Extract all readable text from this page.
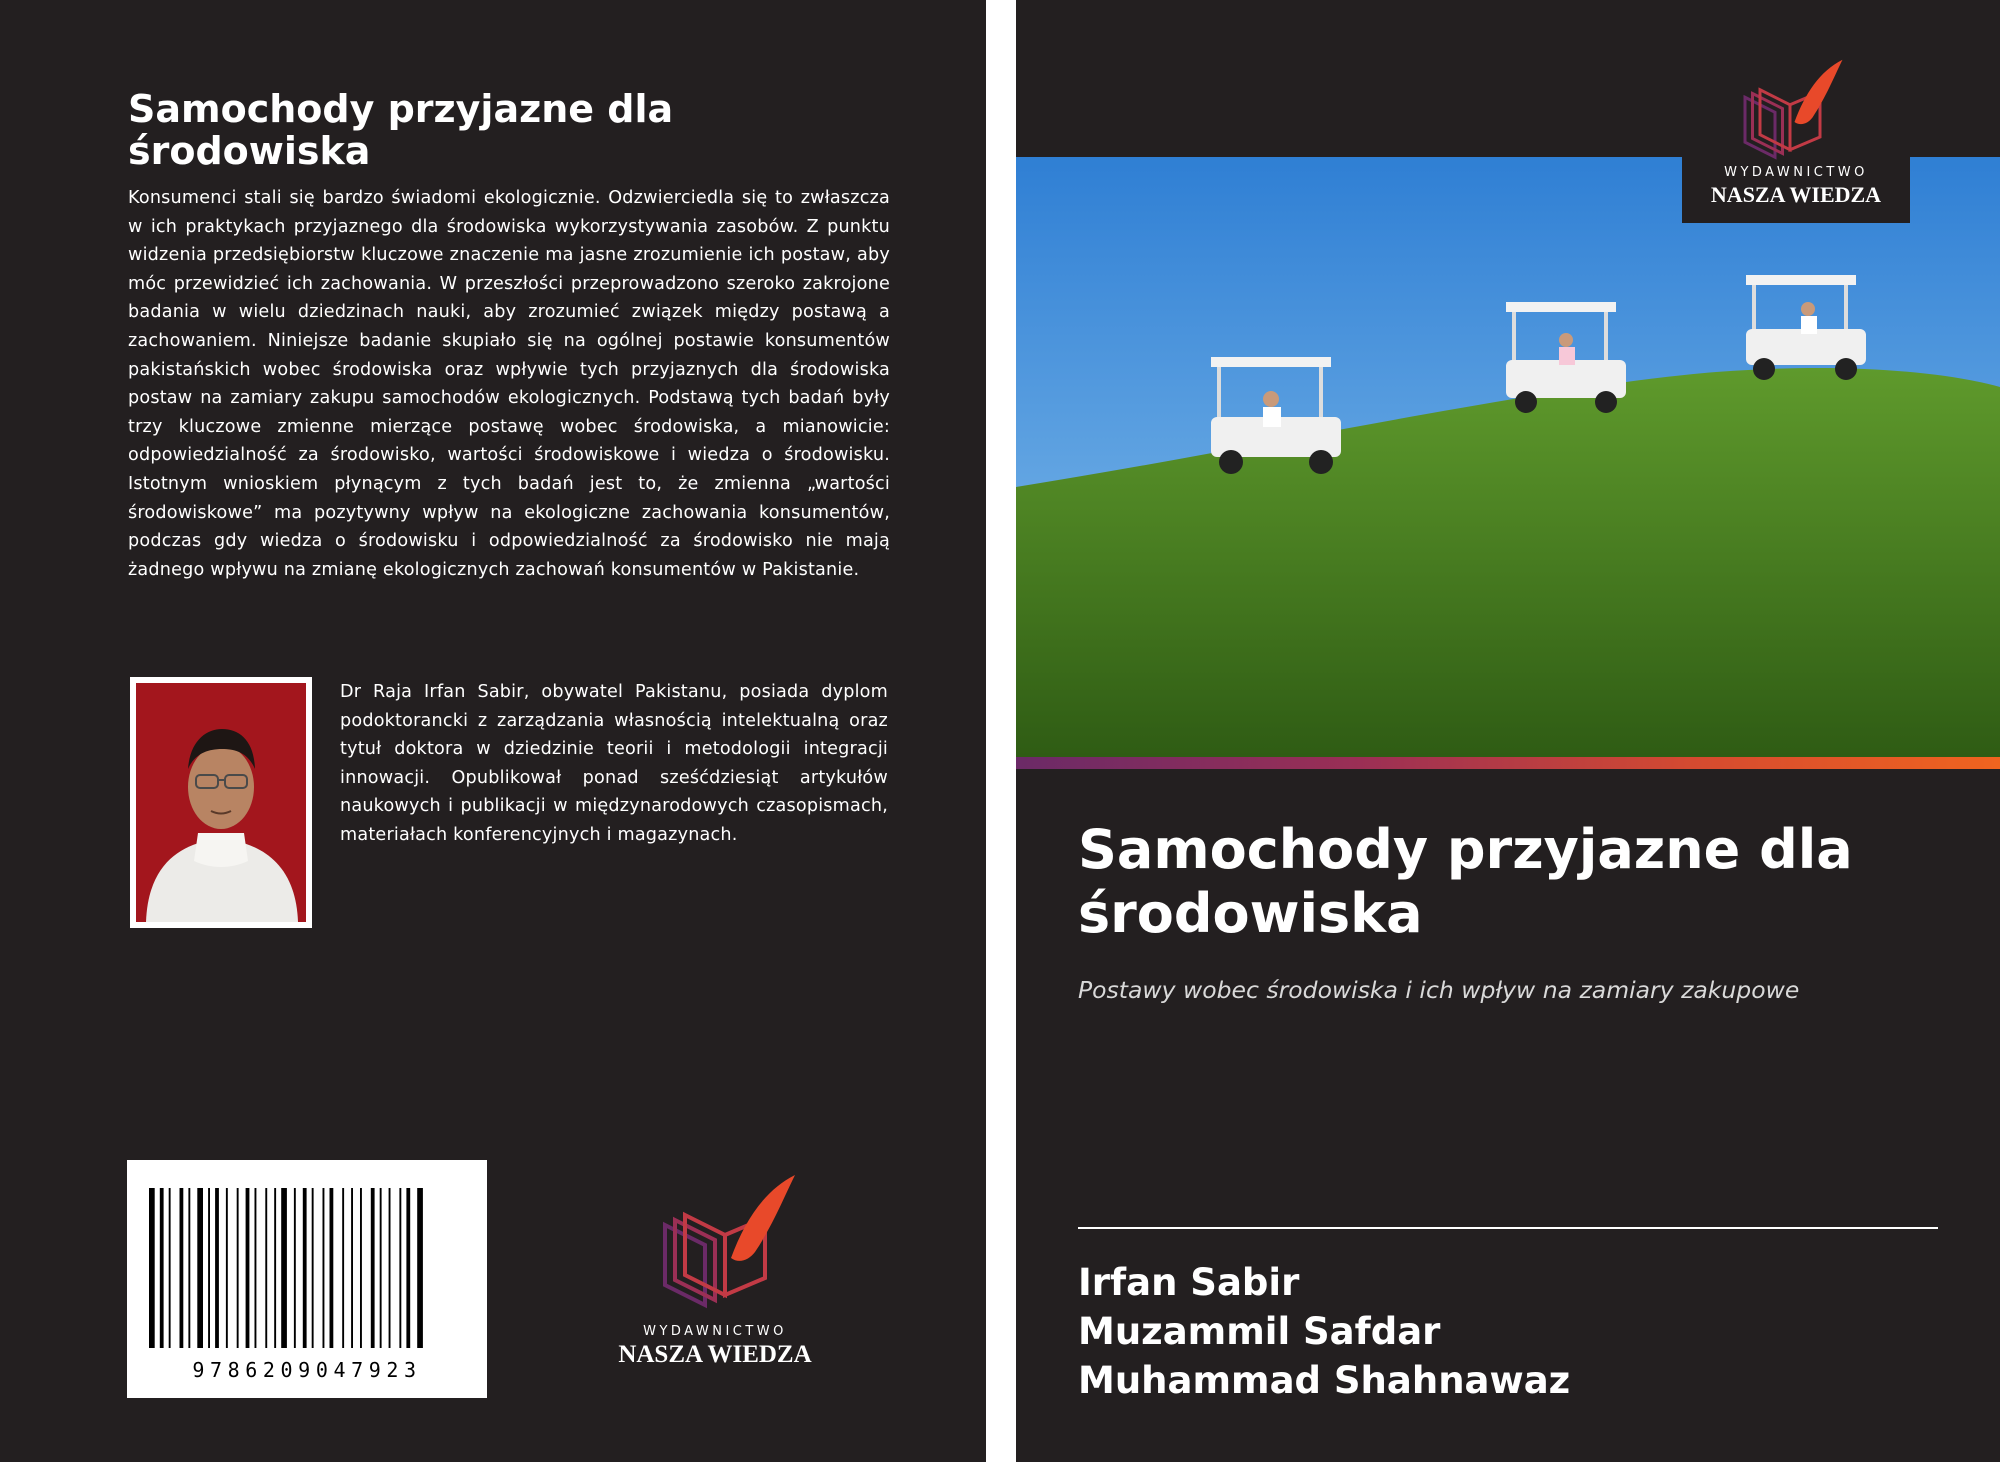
Samochody przyjazne dla środowiska

Konsumenci stali się bardzo świadomi ekologicznie. Odzwierciedla się to zwłaszcza w ich praktykach przyjaznego dla środowiska wykorzystywania zasobów. Z punktu widzenia przedsiębiorstw kluczowe znaczenie ma jasne zrozumienie ich postaw, aby móc przewidzieć ich zachowania. W przeszłości przeprowadzono szeroko zakrojone badania w wielu dziedzinach nauki, aby zrozumieć związek między postawą a zachowaniem. Niniejsze badanie skupiało się na ogólnej postawie konsumentów pakistańskich wobec środowiska oraz wpływie tych przyjaznych dla środowiska postaw na zamiary zakupu samochodów ekologicznych. Podstawą tych badań były trzy kluczowe zmienne mierzące postawę wobec środowiska, a mianowicie: odpowiedzialność za środowisko, wartości środowiskowe i wiedza o środowisku. Istotnym wnioskiem płynącym z tych badań jest to, że zmienna „wartości środowiskowe” ma pozytywny wpływ na ekologiczne zachowania konsumentów, podczas gdy wiedza o środowisku i odpowiedzialność za środowisko nie mają żadnego wpływu na zmianę ekologicznych zachowań konsumentów w Pakistanie.

Dr Raja Irfan Sabir, obywatel Pakistanu, posiada dyplom podoktorancki z zarządzania własnością intelektualną oraz tytuł doktora w dziedzinie teorii i metodologii integracji innowacji. Opublikował ponad sześćdziesiąt artykułów naukowych i publikacji w międzynarodowych czasopismach, materiałach konferencyjnych i magazynach.

9786209047923
WYDAWNICTWO
NASZA WIEDZA
WYDAWNICTWO
NASZA WIEDZA
Samochody przyjazne dla środowiska

Postawy wobec środowiska i ich wpływ na zamiary zakupowe

Irfan Sabir
Muzammil Safdar
Muhammad Shahnawaz
